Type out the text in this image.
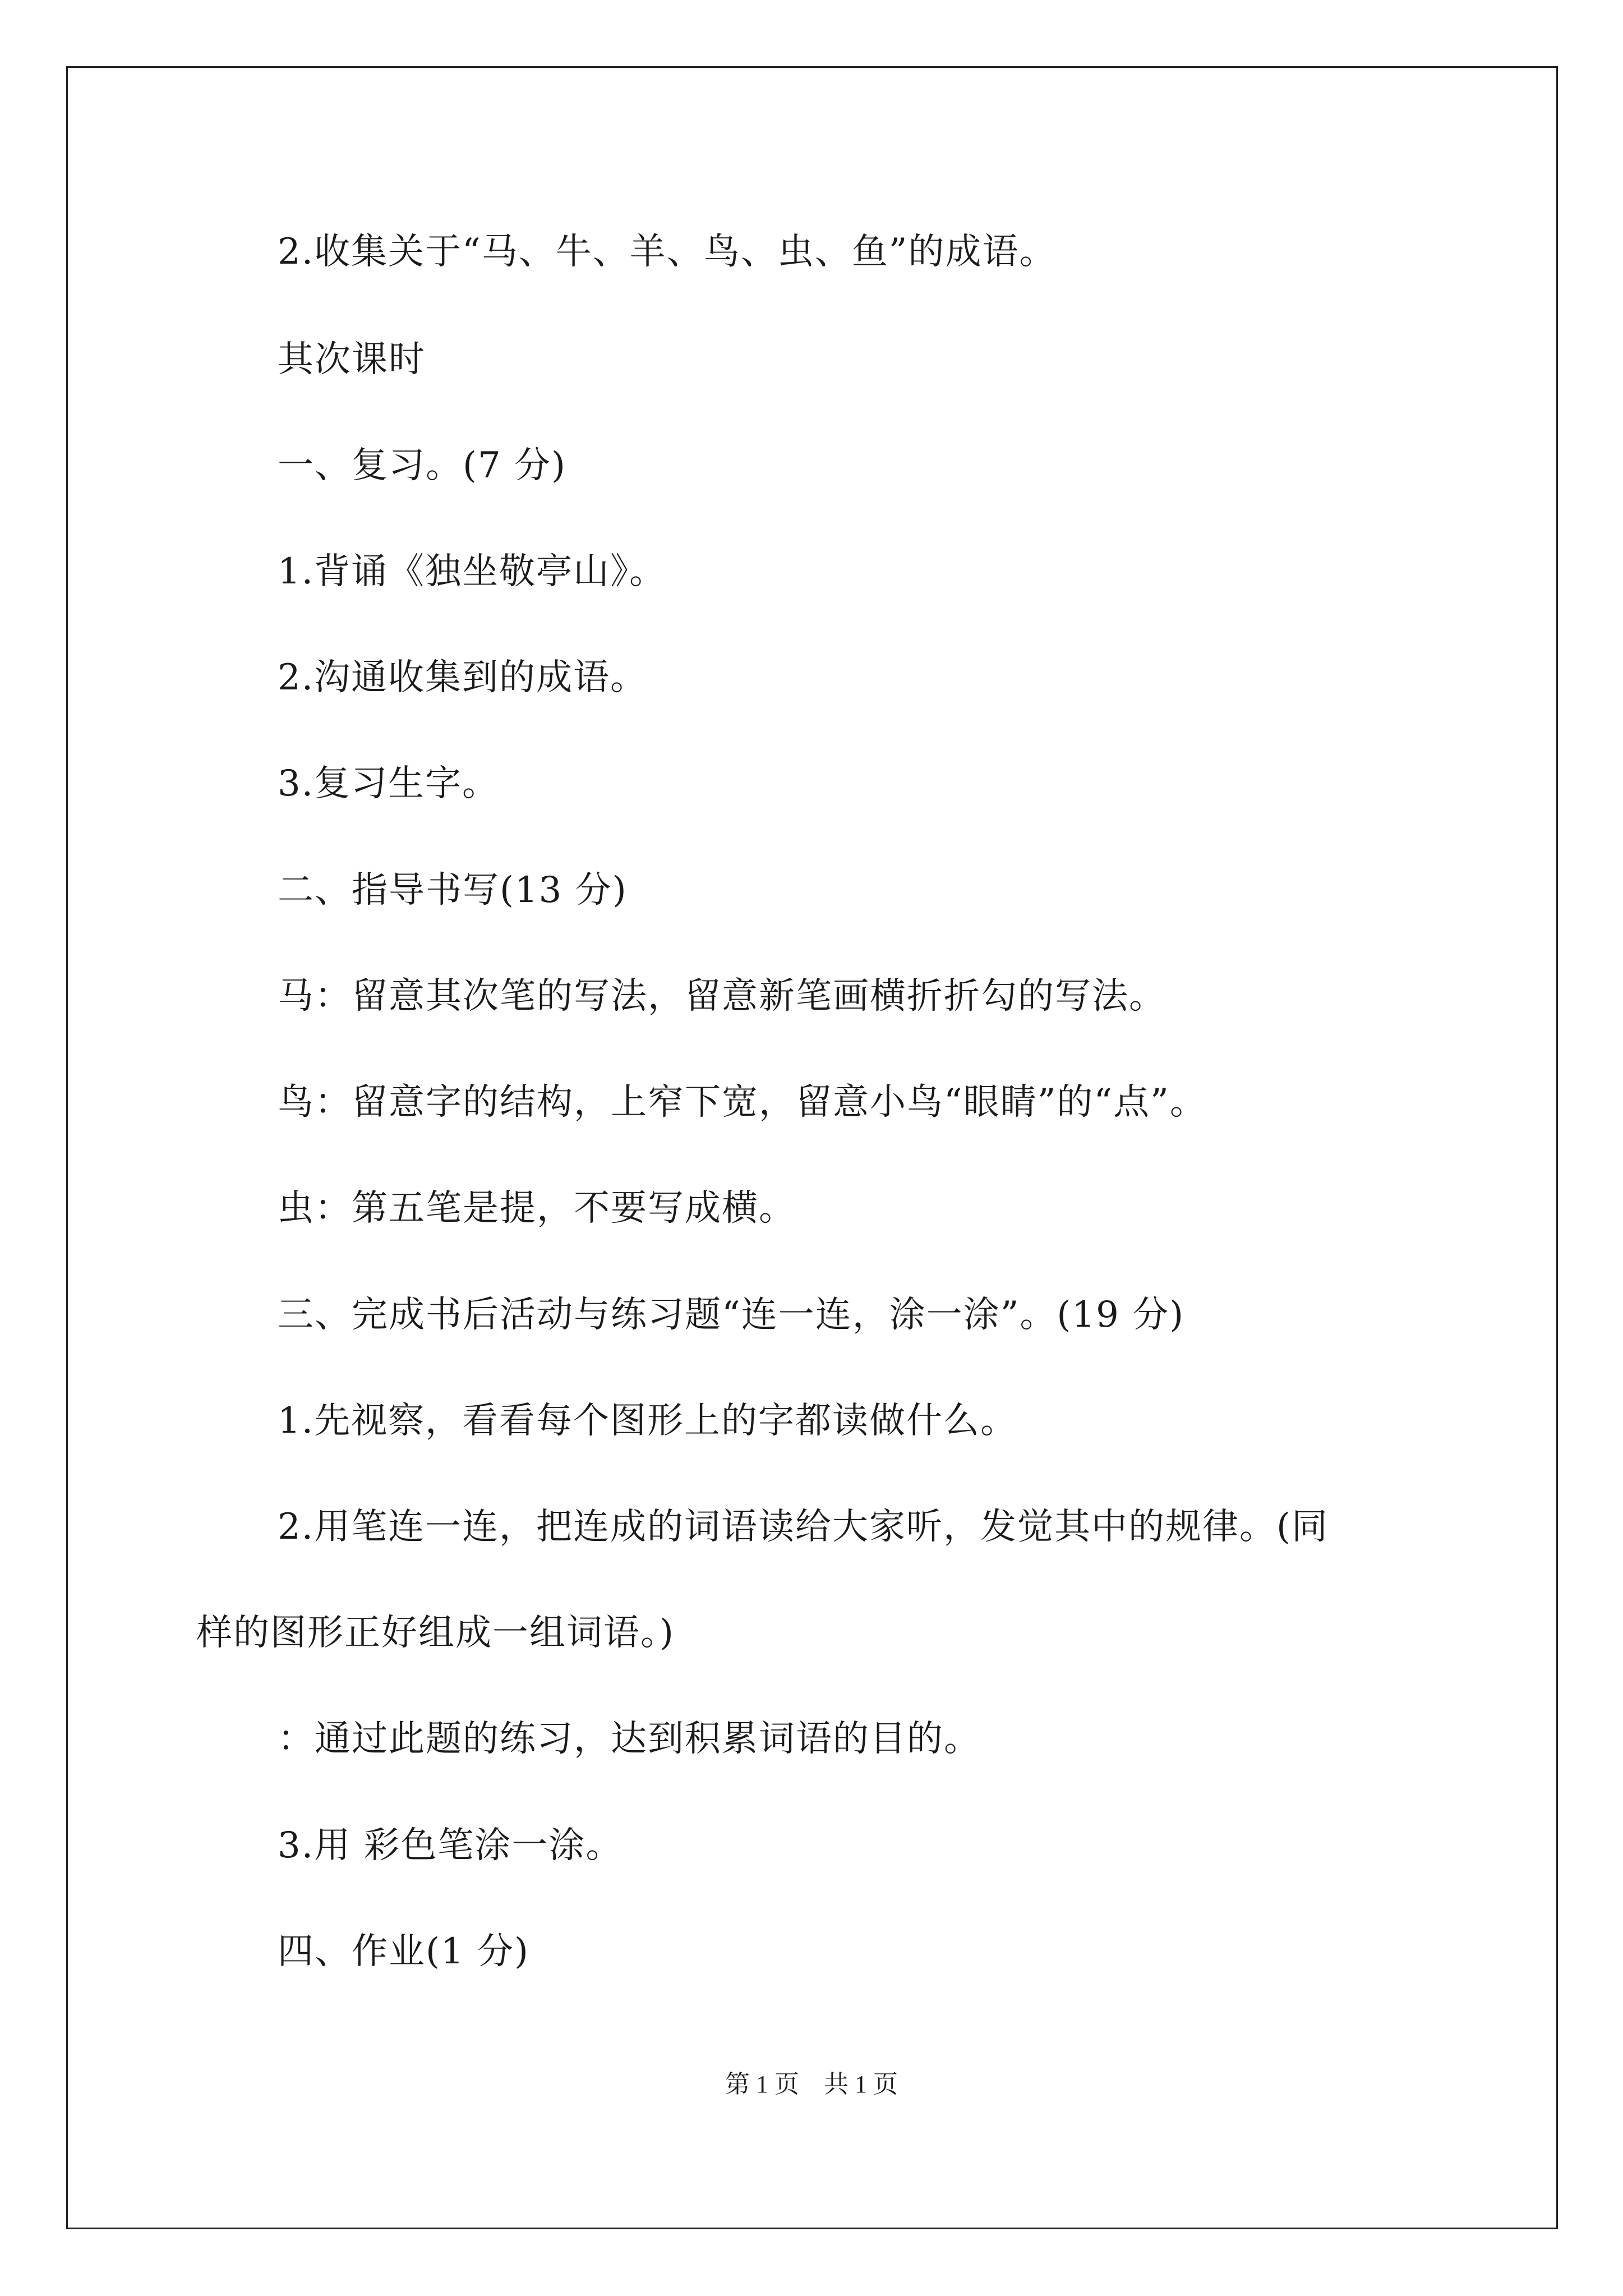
2.收集关于“马、牛、羊、鸟、虫、鱼”的成语。
其次课时
一、复习。(7 分)
1.背诵《独坐敬亭山》。
2.沟通收集到的成语。
3.复习生字。
二、指导书写(13 分)
马：留意其次笔的写法，留意新笔画横折折勾的写法。
鸟：留意字的结构，上窄下宽，留意小鸟“眼睛”的“点”。
虫：第五笔是提，不要写成横。
三、完成书后活动与练习题“连一连，涂一涂”。(19 分)
1.先视察，看看每个图形上的字都读做什么。
2.用笔连一连，把连成的词语读给大家听，发觉其中的规律。(同
样的图形正好组成一组词语。)
：通过此题的练习，达到积累词语的目的。
3.用 彩色笔涂一涂。
四、作业(1 分)
第 1 页　共 1 页
